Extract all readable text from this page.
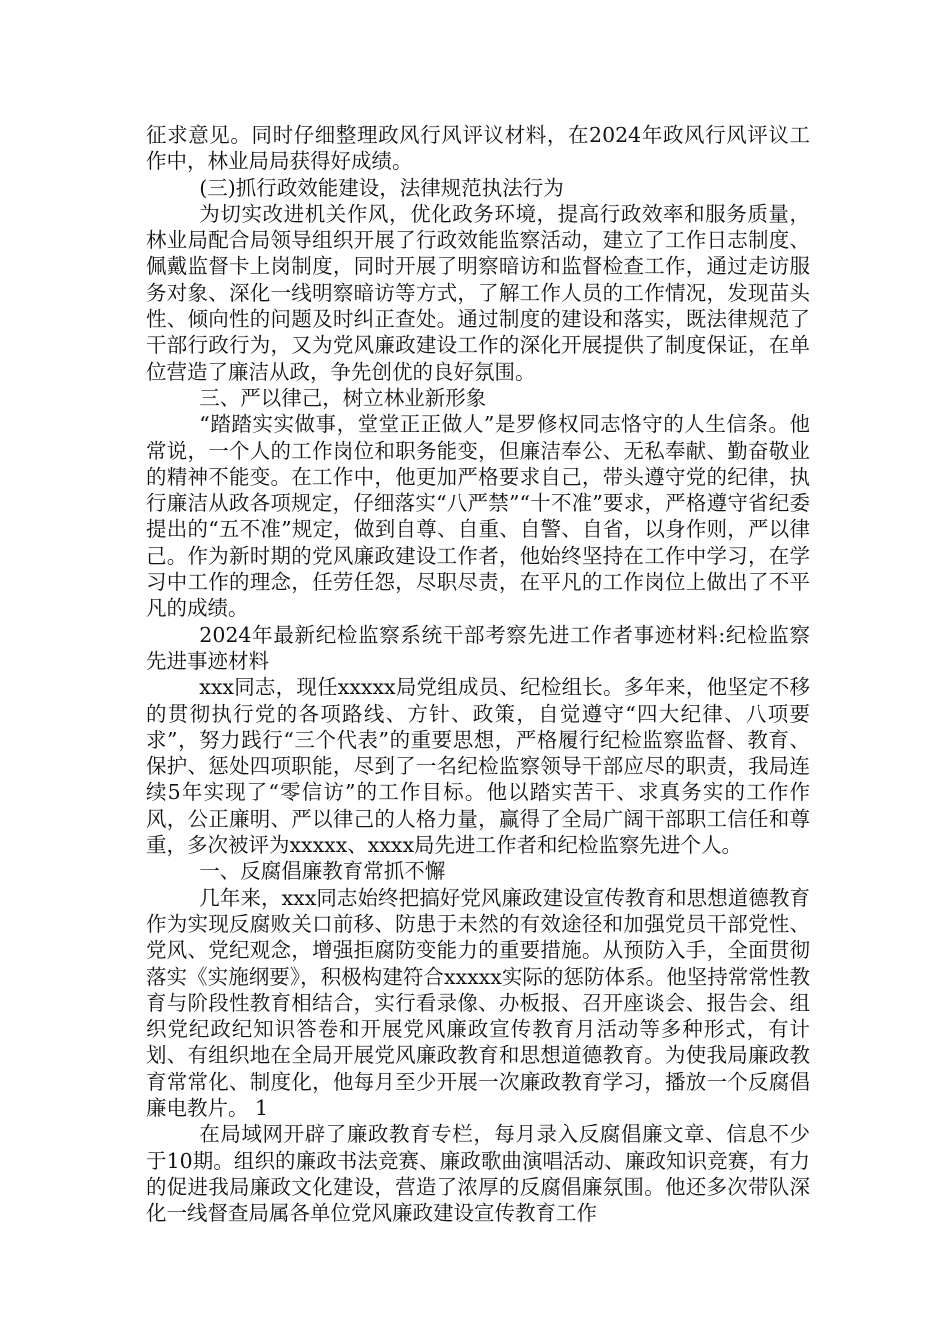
征求意见。同时仔细整理政风行风评议材料，在2024年政风行风评议工作中，林业局局获得好成绩。

(三)抓行政效能建设，法律规范执法行为

为切实改进机关作风，优化政务环境，提高行政效率和服务质量，林业局配合局领导组织开展了行政效能监察活动，建立了工作日志制度、佩戴监督卡上岗制度，同时开展了明察暗访和监督检查工作，通过走访服务对象、深化一线明察暗访等方式，了解工作人员的工作情况，发现苗头性、倾向性的问题及时纠正查处。通过制度的建设和落实，既法律规范了干部行政行为，又为党风廉政建设工作的深化开展提供了制度保证，在单位营造了廉洁从政，争先创优的良好氛围。

三、严以律己，树立林业新形象

“踏踏实实做事，堂堂正正做人”是罗修权同志恪守的人生信条。他常说，一个人的工作岗位和职务能变，但廉洁奉公、无私奉献、勤奋敬业的精神不能变。在工作中，他更加严格要求自己，带头遵守党的纪律，执行廉洁从政各项规定，仔细落实“八严禁”“十不准”要求，严格遵守省纪委提出的“五不准”规定，做到自尊、自重、自警、自省，以身作则，严以律己。作为新时期的党风廉政建设工作者，他始终坚持在工作中学习，在学习中工作的理念，任劳任怨，尽职尽责，在平凡的工作岗位上做出了不平凡的成绩。

2024年最新纪检监察系统干部考察先进工作者事迹材料:纪检监察先进事迹材料

xxx同志，现任xxxxx局党组成员、纪检组长。多年来，他坚定不移的贯彻执行党的各项路线、方针、政策，自觉遵守“四大纪律、八项要求”，努力践行“三个代表”的重要思想，严格履行纪检监察监督、教育、保护、惩处四项职能，尽到了一名纪检监察领导干部应尽的职责，我局连续5年实现了“零信访”的工作目标。他以踏实苦干、求真务实的工作作风，公正廉明、严以律己的人格力量，赢得了全局广阔干部职工信任和尊重，多次被评为xxxxx、xxxx局先进工作者和纪检监察先进个人。

一、反腐倡廉教育常抓不懈

几年来，xxx同志始终把搞好党风廉政建设宣传教育和思想道德教育作为实现反腐败关口前移、防患于未然的有效途径和加强党员干部党性、党风、党纪观念，增强拒腐防变能力的重要措施。从预防入手，全面贯彻落实《实施纲要》，积极构建符合xxxxx实际的惩防体系。他坚持常常性教育与阶段性教育相结合，实行看录像、办板报、召开座谈会、报告会、组织党纪政纪知识答卷和开展党风廉政宣传教育月活动等多种形式，有计划、有组织地在全局开展党风廉政教育和思想道德教育。为使我局廉政教育常常化、制度化，他每月至少开展一次廉政教育学习，播放一个反腐倡廉电教片。 1

在局域网开辟了廉政教育专栏，每月录入反腐倡廉文章、信息不少于10期。组织的廉政书法竞赛、廉政歌曲演唱活动、廉政知识竞赛，有力的促进我局廉政文化建设，营造了浓厚的反腐倡廉氛围。他还多次带队深化一线督查局属各单位党风廉政建设宣传教育工作
